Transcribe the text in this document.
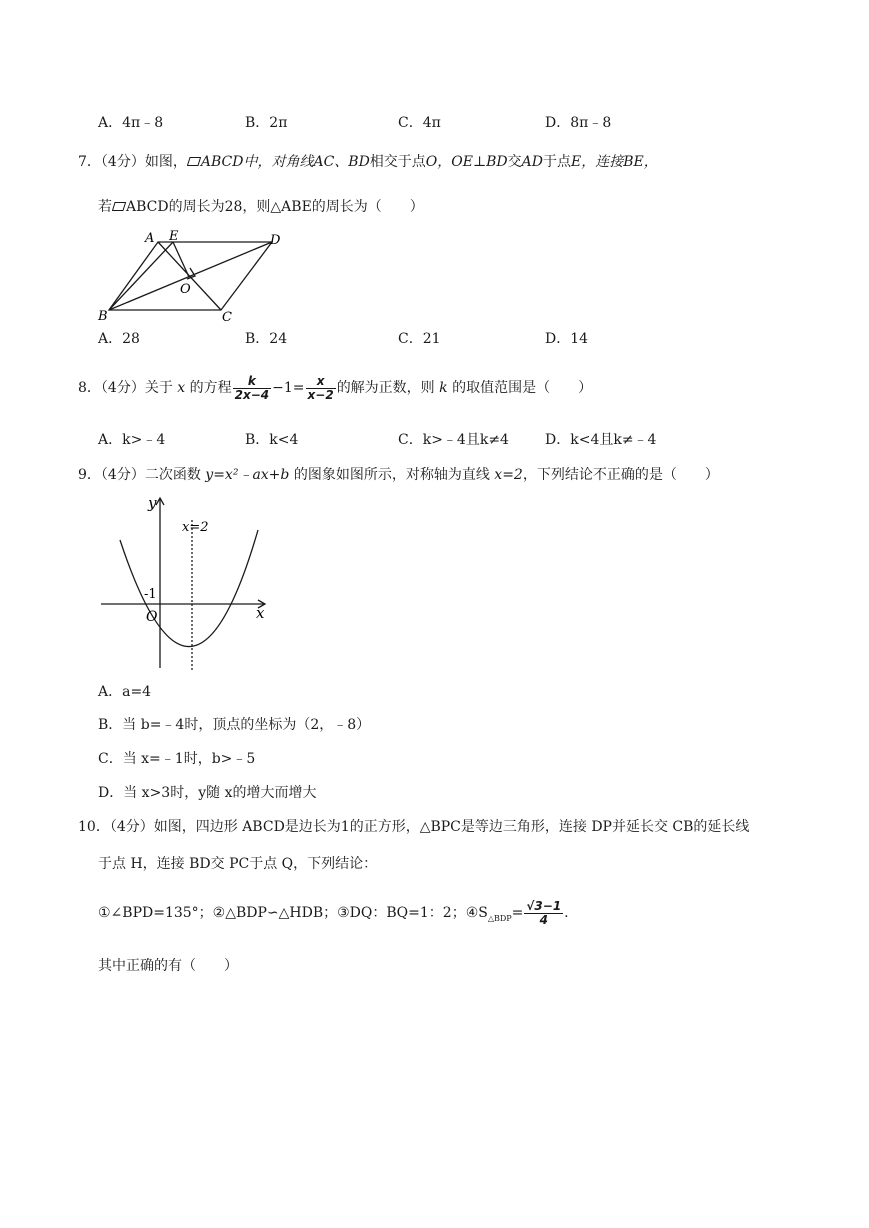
A．4π﹣8	B．2π	C．4π	D．8π﹣8
7．（4分）如图， ABCD中，对角线AC、BD相交于点O，OE⊥BD交AD于点E，连接BE，
若 ABCD的周长为28，则△ABE的周长为（　　）
A E	D
O
B	C
A．28	B．24	C．21	D．14
8．（4分）关于 x 的方程 $\frac{k}{2x-4} -1= \frac{x}{x-2}$ 的解为正数，则 k 的取值范围是（　　）
A．k>﹣4	B．k<4	C．k>﹣4且k≠4	D．k<4且k≠﹣4
9．（4分）二次函数 y=x²﹣ax+b 的图象如图所示，对称轴为直线 x=2，下列结论不正确的是（　　）
y
x
x=2
-1
O
A．a=4
B．当 b=﹣4时，顶点的坐标为（2，﹣8）
C．当 x=﹣1时，b>﹣5
D．当 x>3时，y随 x的增大而增大
10．（4分）如图，四边形 ABCD是边长为1的正方形，△BPC是等边三角形，连接 DP并延长交 CB的延长线
于点 H，连接 BD交 PC于点 Q，下列结论：
①∠BPD=135°；②△BDP∽△HDB；③DQ：BQ=1：2；$④S_{\triangle BDP}= \frac{√3-1}{4}$ .
其中正确的有（　　）
